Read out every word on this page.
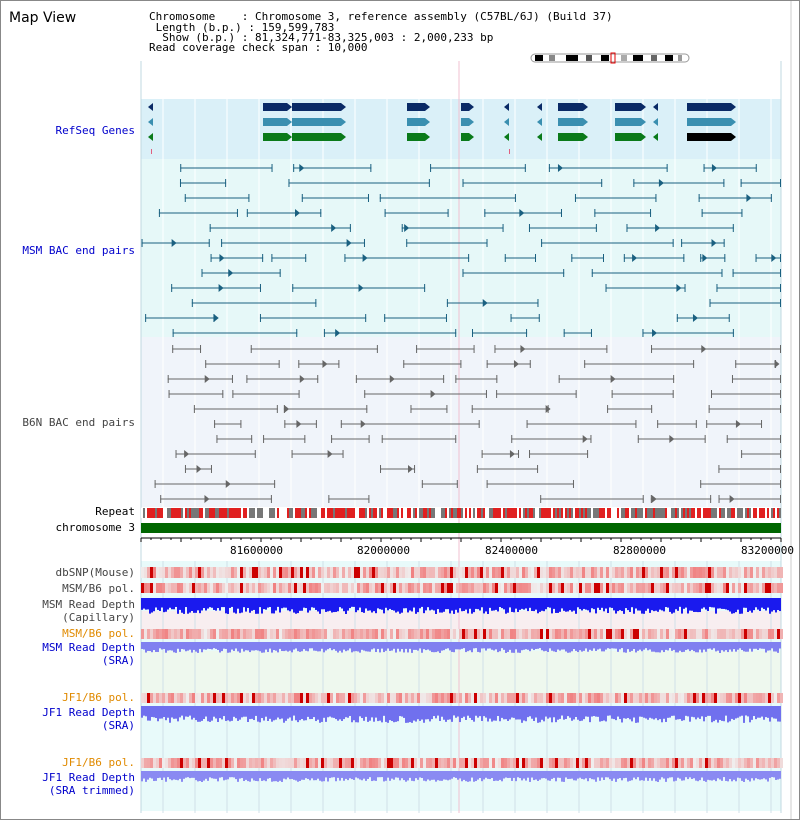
Map View	Chromosome    : Chromosome 3, reference assembly (C57BL/6J) (Build 37)
Length (b.p.) : 159,599,783
Show (b.p.) : 81,324,771-83,325,003 : 2,000,233 bp
Read coverage check span : 10,000
RefSeq Genes
MSM BAC end pairs
B6N BAC end pairs
Repeat
chromosome 3
dbSNP(Mouse)
MSM/B6 pol.
MSM Read Depth
(Capillary)
MSM/B6 pol.
MSM Read Depth
(SRA)
JF1/B6 pol.
JF1 Read Depth
(SRA)
JF1/B6 pol.
JF1 Read Depth
(SRA trimmed)
81600000	82000000	82400000	82800000	83200000
